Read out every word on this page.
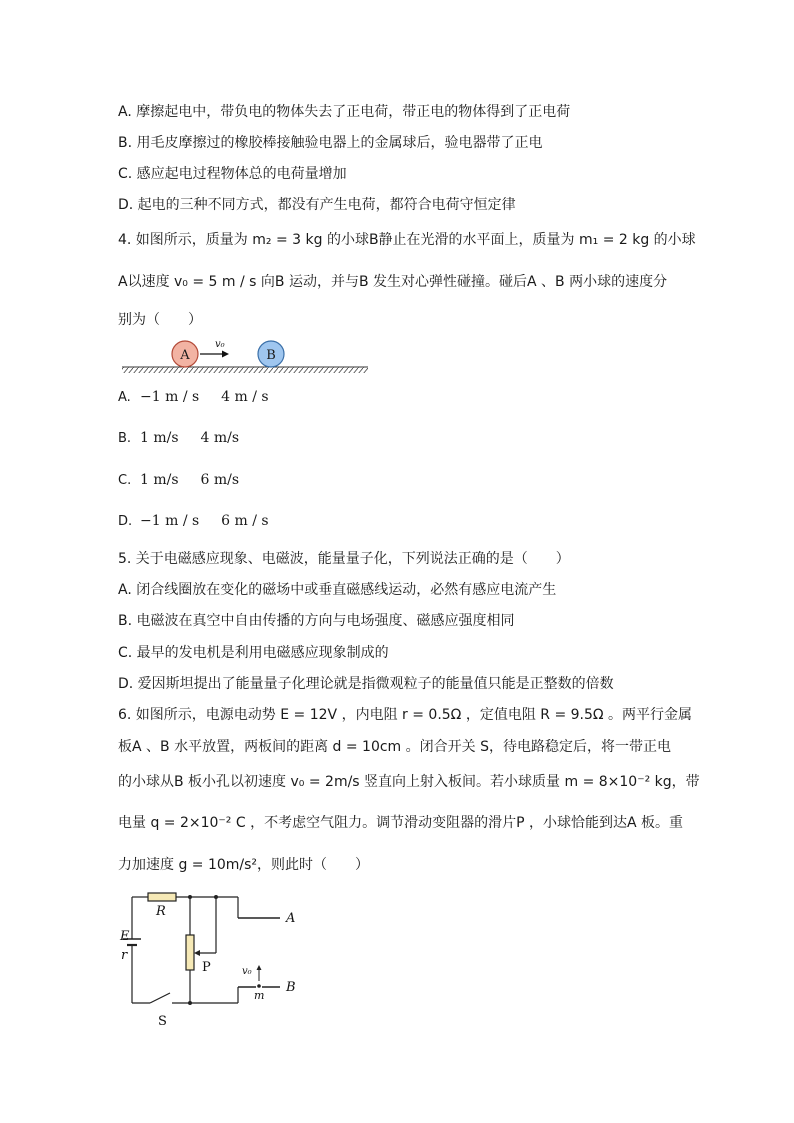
A. 摩擦起电中，带负电的物体失去了正电荷，带正电的物体得到了正电荷
B. 用毛皮摩擦过的橡胶棒接触验电器上的金属球后，验电器带了正电
C. 感应起电过程物体总的电荷量增加
D. 起电的三种不同方式，都没有产生电荷，都符合电荷守恒定律
4. 如图所示，质量为 m₂ = 3 kg 的小球B静止在光滑的水平面上，质量为 m₁ = 2 kg 的小球
A以速度 v₀ = 5 m / s 向B 运动，并与B 发生对心弹性碰撞。碰后A 、B 两小球的速度分
别为（　　）
A
v₀
B
A. −1 m / s 4 m / s
B. 1 m/s 4 m/s
C. 1 m/s 6 m/s
D. −1 m / s 6 m / s
5. 关于电磁感应现象、电磁波，能量量子化，下列说法正确的是（　　）
A. 闭合线圈放在变化的磁场中或垂直磁感线运动，必然有感应电流产生
B. 电磁波在真空中自由传播的方向与电场强度、磁感应强度相同
C. 最早的发电机是利用电磁感应现象制成的
D. 爱因斯坦提出了能量量子化理论就是指微观粒子的能量值只能是正整数的倍数
6. 如图所示，电源电动势 E = 12V ，内电阻 r = 0.5Ω ，定值电阻 R = 9.5Ω 。两平行金属
板A 、B 水平放置，两板间的距离 d = 10cm 。闭合开关 S，待电路稳定后，将一带正电
的小球从B 板小孔以初速度 v₀ = 2m/s 竖直向上射入板间。若小球质量 m = 8×10⁻² kg，带
电量 q = 2×10⁻² C ，不考虑空气阻力。调节滑动变阻器的滑片P ，小球恰能到达A 板。重
力加速度 g = 10m/s²，则此时（　　）
R
E
r
S
P
A
B
v₀
m
